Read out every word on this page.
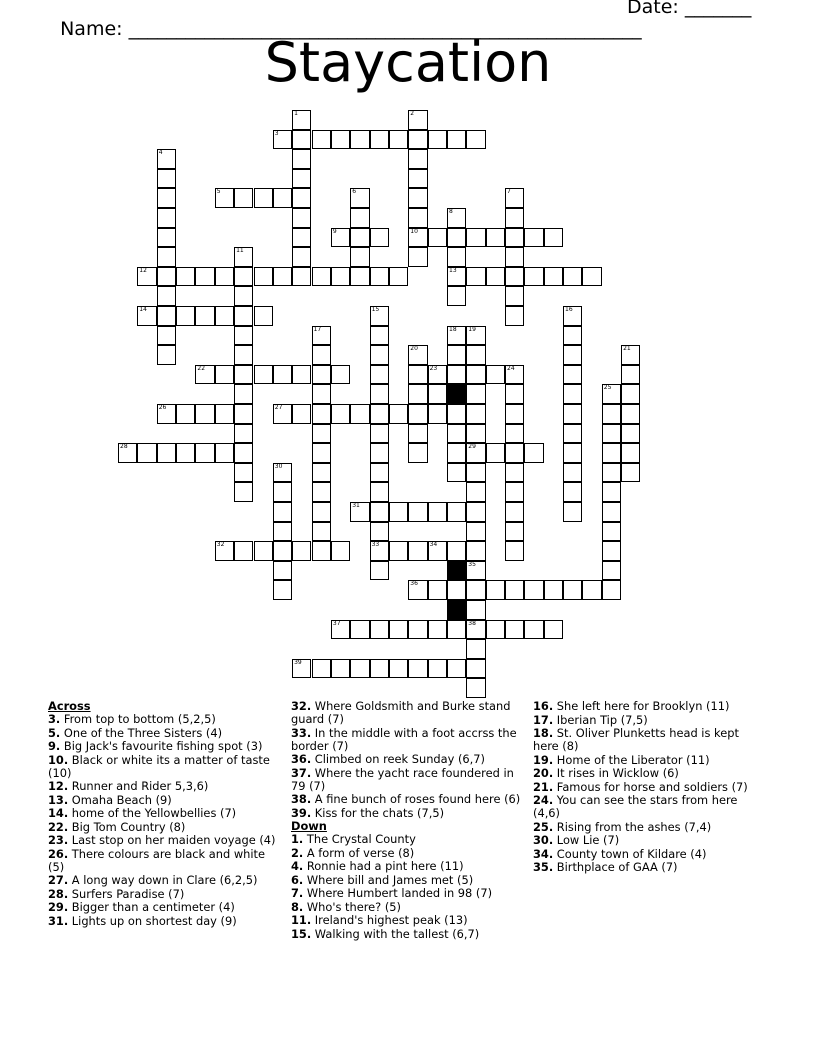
Name: ______________________________________________________

Date: _______

Staycation
1	2
3
4
5	6	7
8
9	10
11
12	13
14	15	16
17	18 19
20	21
22	23	24
25
26	27
28	29
30
31
32	33	34
35
36
37	38
39
Across
3. From top to bottom (5,2,5)
5. One of the Three Sisters (4)
9. Big Jack's favourite fishing spot (3)
10. Black or white its a matter of taste (10)
12. Runner and Rider 5,3,6)
13. Omaha Beach (9)
14. home of the Yellowbellies (7)
22. Big Tom Country (8)
23. Last stop on her maiden voyage (4)
26. There colours are black and white (5)
27. A long way down in Clare (6,2,5)
28. Surfers Paradise (7)
29. Bigger than a centimeter (4)
31. Lights up on shortest day (9)
32. Where Goldsmith and Burke stand guard (7)
33. In the middle with a foot accrss the border (7)
36. Climbed on reek Sunday (6,7)
37. Where the yacht race foundered in 79 (7)
38. A fine bunch of roses found here (6)
39. Kiss for the chats (7,5)
Down
1. The Crystal County
2. A form of verse (8)
4. Ronnie had a pint here (11)
6. Where bill and James met (5)
7. Where Humbert landed in 98 (7)
8. Who's there? (5)
11. Ireland's highest peak (13)
15. Walking with the tallest (6,7)
16. She left here for Brooklyn (11)
17. Iberian Tip (7,5)
18. St. Oliver Plunketts head is kept here (8)
19. Home of the Liberator (11)
20. It rises in Wicklow (6)
21. Famous for horse and soldiers (7)
24. You can see the stars from here (4,6)
25. Rising from the ashes (7,4)
30. Low Lie (7)
34. County town of Kildare (4)
35. Birthplace of GAA (7)
